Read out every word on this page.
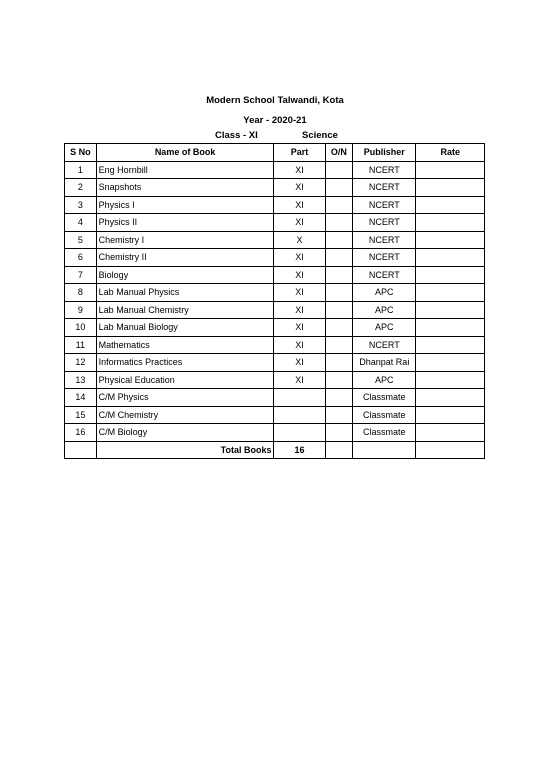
Modern School Talwandi, Kota
Year - 2020-21
Class - XI	Science
S No	Name of Book	Part	O/N	Publisher	Rate
1	Eng Hornbill	XI		NCERT	
2	Snapshots	XI		NCERT	
3	Physics I	XI		NCERT	
4	Physics II	XI		NCERT	
5	Chemistry I	X		NCERT	
6	Chemistry II	XI		NCERT	
7	Biology	XI		NCERT	
8	Lab Manual Physics	XI		APC	
9	Lab Manual Chemistry	XI		APC	
10	Lab Manual Biology	XI		APC	
11	Mathematics	XI		NCERT	
12	Informatics Practices	XI		Dhanpat Rai	
13	Physical Education	XI		APC	
14	C/M Physics			Classmate	
15	C/M Chemistry			Classmate	
16	C/M Biology			Classmate	
	Total Books	16			
